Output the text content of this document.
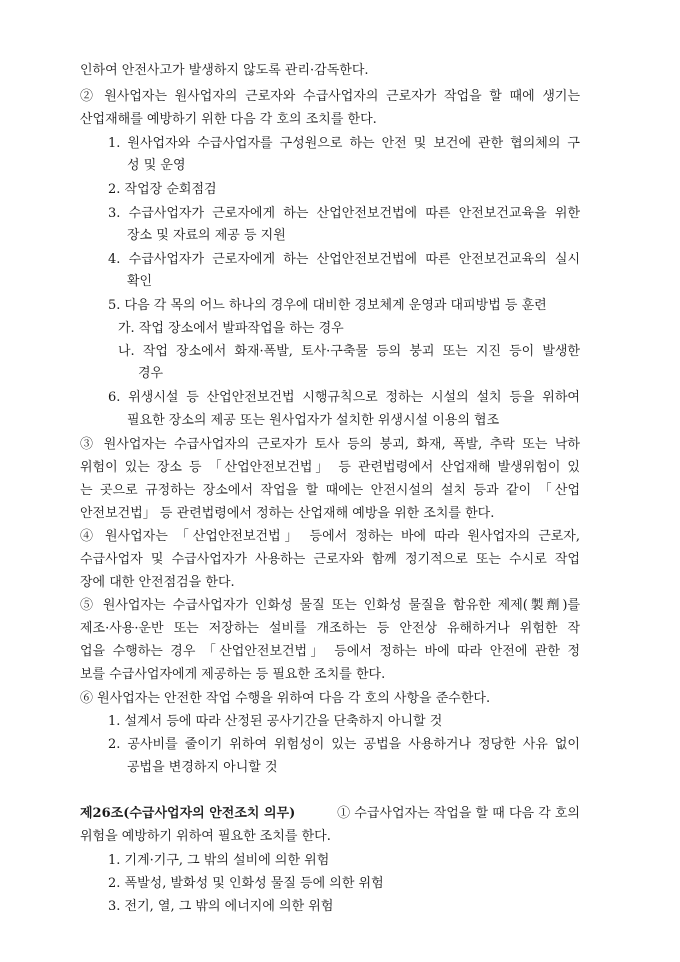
인하여 안전사고가 발생하지 않도록 관리·감독한다.
② 원사업자는 원사업자의 근로자와 수급사업자의 근로자가 작업을 할 때에 생기는
산업재해를 예방하기 위한 다음 각 호의 조치를 한다.
1. 원사업자와 수급사업자를 구성원으로 하는 안전 및 보건에 관한 협의체의 구
성 및 운영
2. 작업장 순회점검
3. 수급사업자가 근로자에게 하는 산업안전보건법에 따른 안전보건교육을 위한
장소 및 자료의 제공 등 지원
4. 수급사업자가 근로자에게 하는 산업안전보건법에 따른 안전보건교육의 실시
확인
5. 다음 각 목의 어느 하나의 경우에 대비한 경보체계 운영과 대피방법 등 훈련
가. 작업 장소에서 발파작업을 하는 경우
나. 작업 장소에서 화재·폭발, 토사·구축물 등의 붕괴 또는 지진 등이 발생한
경우
6. 위생시설 등 산업안전보건법 시행규칙으로 정하는 시설의 설치 등을 위하여
필요한 장소의 제공 또는 원사업자가 설치한 위생시설 이용의 협조
③ 원사업자는 수급사업자의 근로자가 토사 등의 붕괴, 화재, 폭발, 추락 또는 낙하
위험이 있는 장소 등 「산업안전보건법」 등 관련법령에서 산업재해 발생위험이 있
는 곳으로 규정하는 장소에서 작업을 할 때에는 안전시설의 설치 등과 같이 「산업
안전보건법」 등 관련법령에서 정하는 산업재해 예방을 위한 조치를 한다.
④ 원사업자는 「산업안전보건법」 등에서 정하는 바에 따라 원사업자의 근로자,
수급사업자 및 수급사업자가 사용하는 근로자와 함께 정기적으로 또는 수시로 작업
장에 대한 안전점검을 한다.
⑤ 원사업자는 수급사업자가 인화성 물질 또는 인화성 물질을 함유한 제제(製劑)를
제조·사용·운반 또는 저장하는 설비를 개조하는 등 안전상 유해하거나 위험한 작
업을 수행하는 경우 「산업안전보건법」 등에서 정하는 바에 따라 안전에 관한 정
보를 수급사업자에게 제공하는 등 필요한 조치를 한다.
⑥ 원사업자는 안전한 작업 수행을 위하여 다음 각 호의 사항을 준수한다.
1. 설계서 등에 따라 산정된 공사기간을 단축하지 아니할 것
2. 공사비를 줄이기 위하여 위험성이 있는 공법을 사용하거나 정당한 사유 없이
공법을 변경하지 아니할 것
제26조(수급사업자의 안전조치 의무)	① 수급사업자는 작업을 할 때 다음 각 호의
위험을 예방하기 위하여 필요한 조치를 한다.
1. 기계·기구, 그 밖의 설비에 의한 위험
2. 폭발성, 발화성 및 인화성 물질 등에 의한 위험
3. 전기, 열, 그 밖의 에너지에 의한 위험
